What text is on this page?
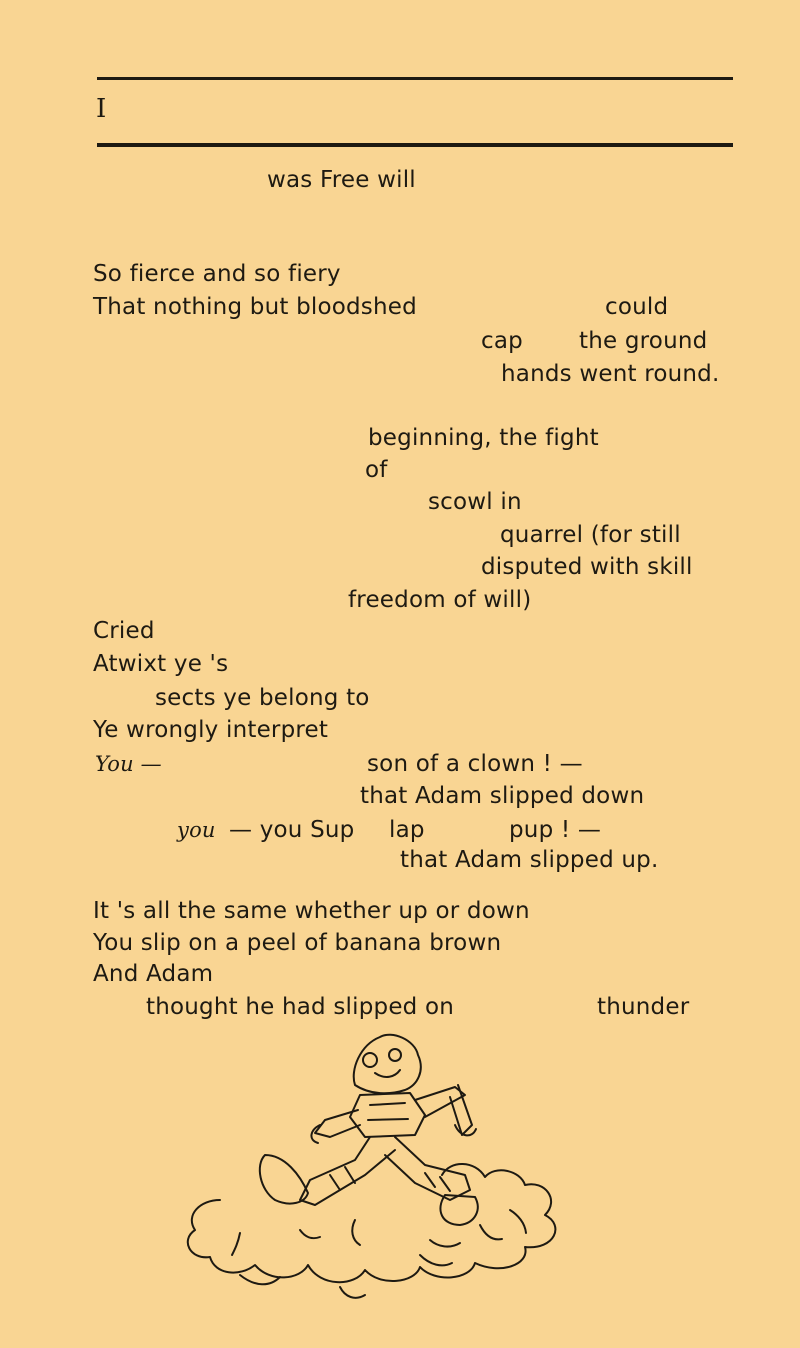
I
was Free will
So fierce and so fiery
That nothing but bloodshed	could
cap the ground
hands went round.
beginning, the fight
of
scowl in
quarrel (for still
disputed with skill
freedom of will)
Cried
Atwixt ye 's
sects ye belong to
Ye wrongly interpret
You —	son of a clown ! —
that Adam slipped down
you — you Sup lap	pup ! —
that Adam slipped up.
It 's all the same whether up or down
You slip on a peel of banana brown
And Adam
thought he had slipped on	thunder
